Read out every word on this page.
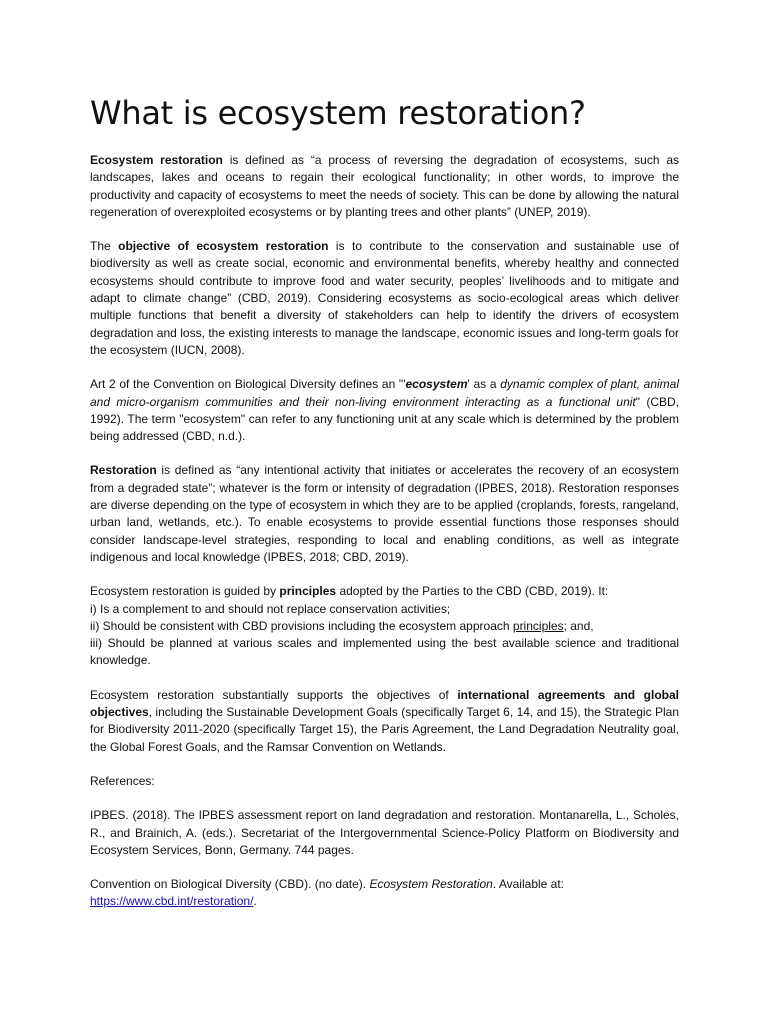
What is ecosystem restoration?

Ecosystem restoration is defined as “a process of reversing the degradation of ecosystems, such as landscapes, lakes and oceans to regain their ecological functionality; in other words, to improve the productivity and capacity of ecosystems to meet the needs of society. This can be done by allowing the natural regeneration of overexploited ecosystems or by planting trees and other plants” (UNEP, 2019).

The objective of ecosystem restoration is to contribute to the conservation and sustainable use of biodiversity as well as create social, economic and environmental benefits, whereby healthy and connected ecosystems should contribute to improve food and water security, peoples’ livelihoods and to mitigate and adapt to climate change” (CBD, 2019). Considering ecosystems as socio-ecological areas which deliver multiple functions that benefit a diversity of stakeholders can help to identify the drivers of ecosystem degradation and loss, the existing interests to manage the landscape, economic issues and long-term goals for the ecosystem (IUCN, 2008).

Art 2 of the Convention on Biological Diversity defines an "'ecosystem' as a dynamic complex of plant, animal and micro-organism communities and their non-living environment interacting as a functional unit" (CBD, 1992). The term "ecosystem" can refer to any functioning unit at any scale which is determined by the problem being addressed (CBD, n.d.).

Restoration is defined as “any intentional activity that initiates or accelerates the recovery of an ecosystem from a degraded state”; whatever is the form or intensity of degradation (IPBES, 2018). Restoration responses are diverse depending on the type of ecosystem in which they are to be applied (croplands, forests, rangeland, urban land, wetlands, etc.). To enable ecosystems to provide essential functions those responses should consider landscape-level strategies, responding to local and enabling conditions, as well as integrate indigenous and local knowledge (IPBES, 2018; CBD, 2019).

Ecosystem restoration is guided by principles adopted by the Parties to the CBD (CBD, 2019). It:

i) Is a complement to and should not replace conservation activities;

ii) Should be consistent with CBD provisions including the ecosystem approach principles; and,

iii) Should be planned at various scales and implemented using the best available science and traditional knowledge.

Ecosystem restoration substantially supports the objectives of international agreements and global objectives, including the Sustainable Development Goals (specifically Target 6, 14, and 15), the Strategic Plan for Biodiversity 2011-2020 (specifically Target 15), the Paris Agreement, the Land Degradation Neutrality goal, the Global Forest Goals, and the Ramsar Convention on Wetlands.

References:

IPBES. (2018). The IPBES assessment report on land degradation and restoration. Montanarella, L., Scholes, R., and Brainich, A. (eds.). Secretariat of the Intergovernmental Science-Policy Platform on Biodiversity and Ecosystem Services, Bonn, Germany. 744 pages.

Convention on Biological Diversity (CBD). (no date). Ecosystem Restoration. Available at:
https://www.cbd.int/restoration/.
